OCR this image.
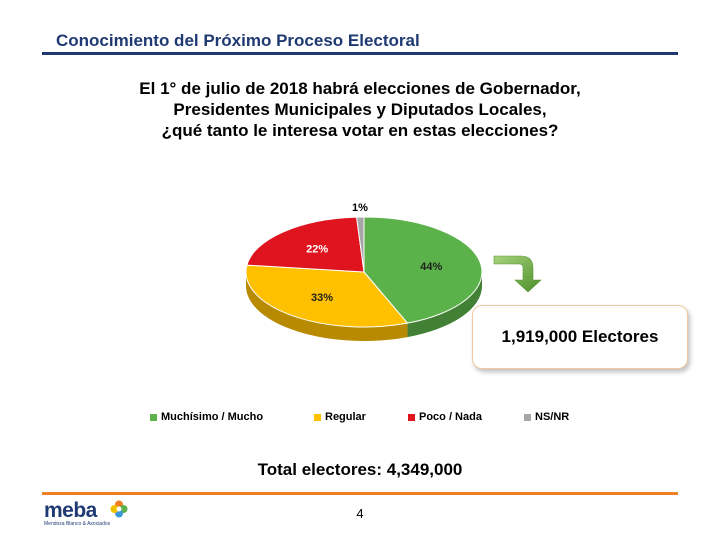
Conocimiento del Próximo Proceso Electoral
El 1° de julio de 2018 habrá elecciones de Gobernador,
Presidentes Municipales y Diputados Locales,
¿qué tanto le interesa votar en estas elecciones?
44%
33%
22%
1%
1,919,000 Electores
Muchísimo / Mucho	Regular	Poco / Nada	NS/NR
Total electores: 4,349,000
meba
Mendoza Blanco & Asociados
4
